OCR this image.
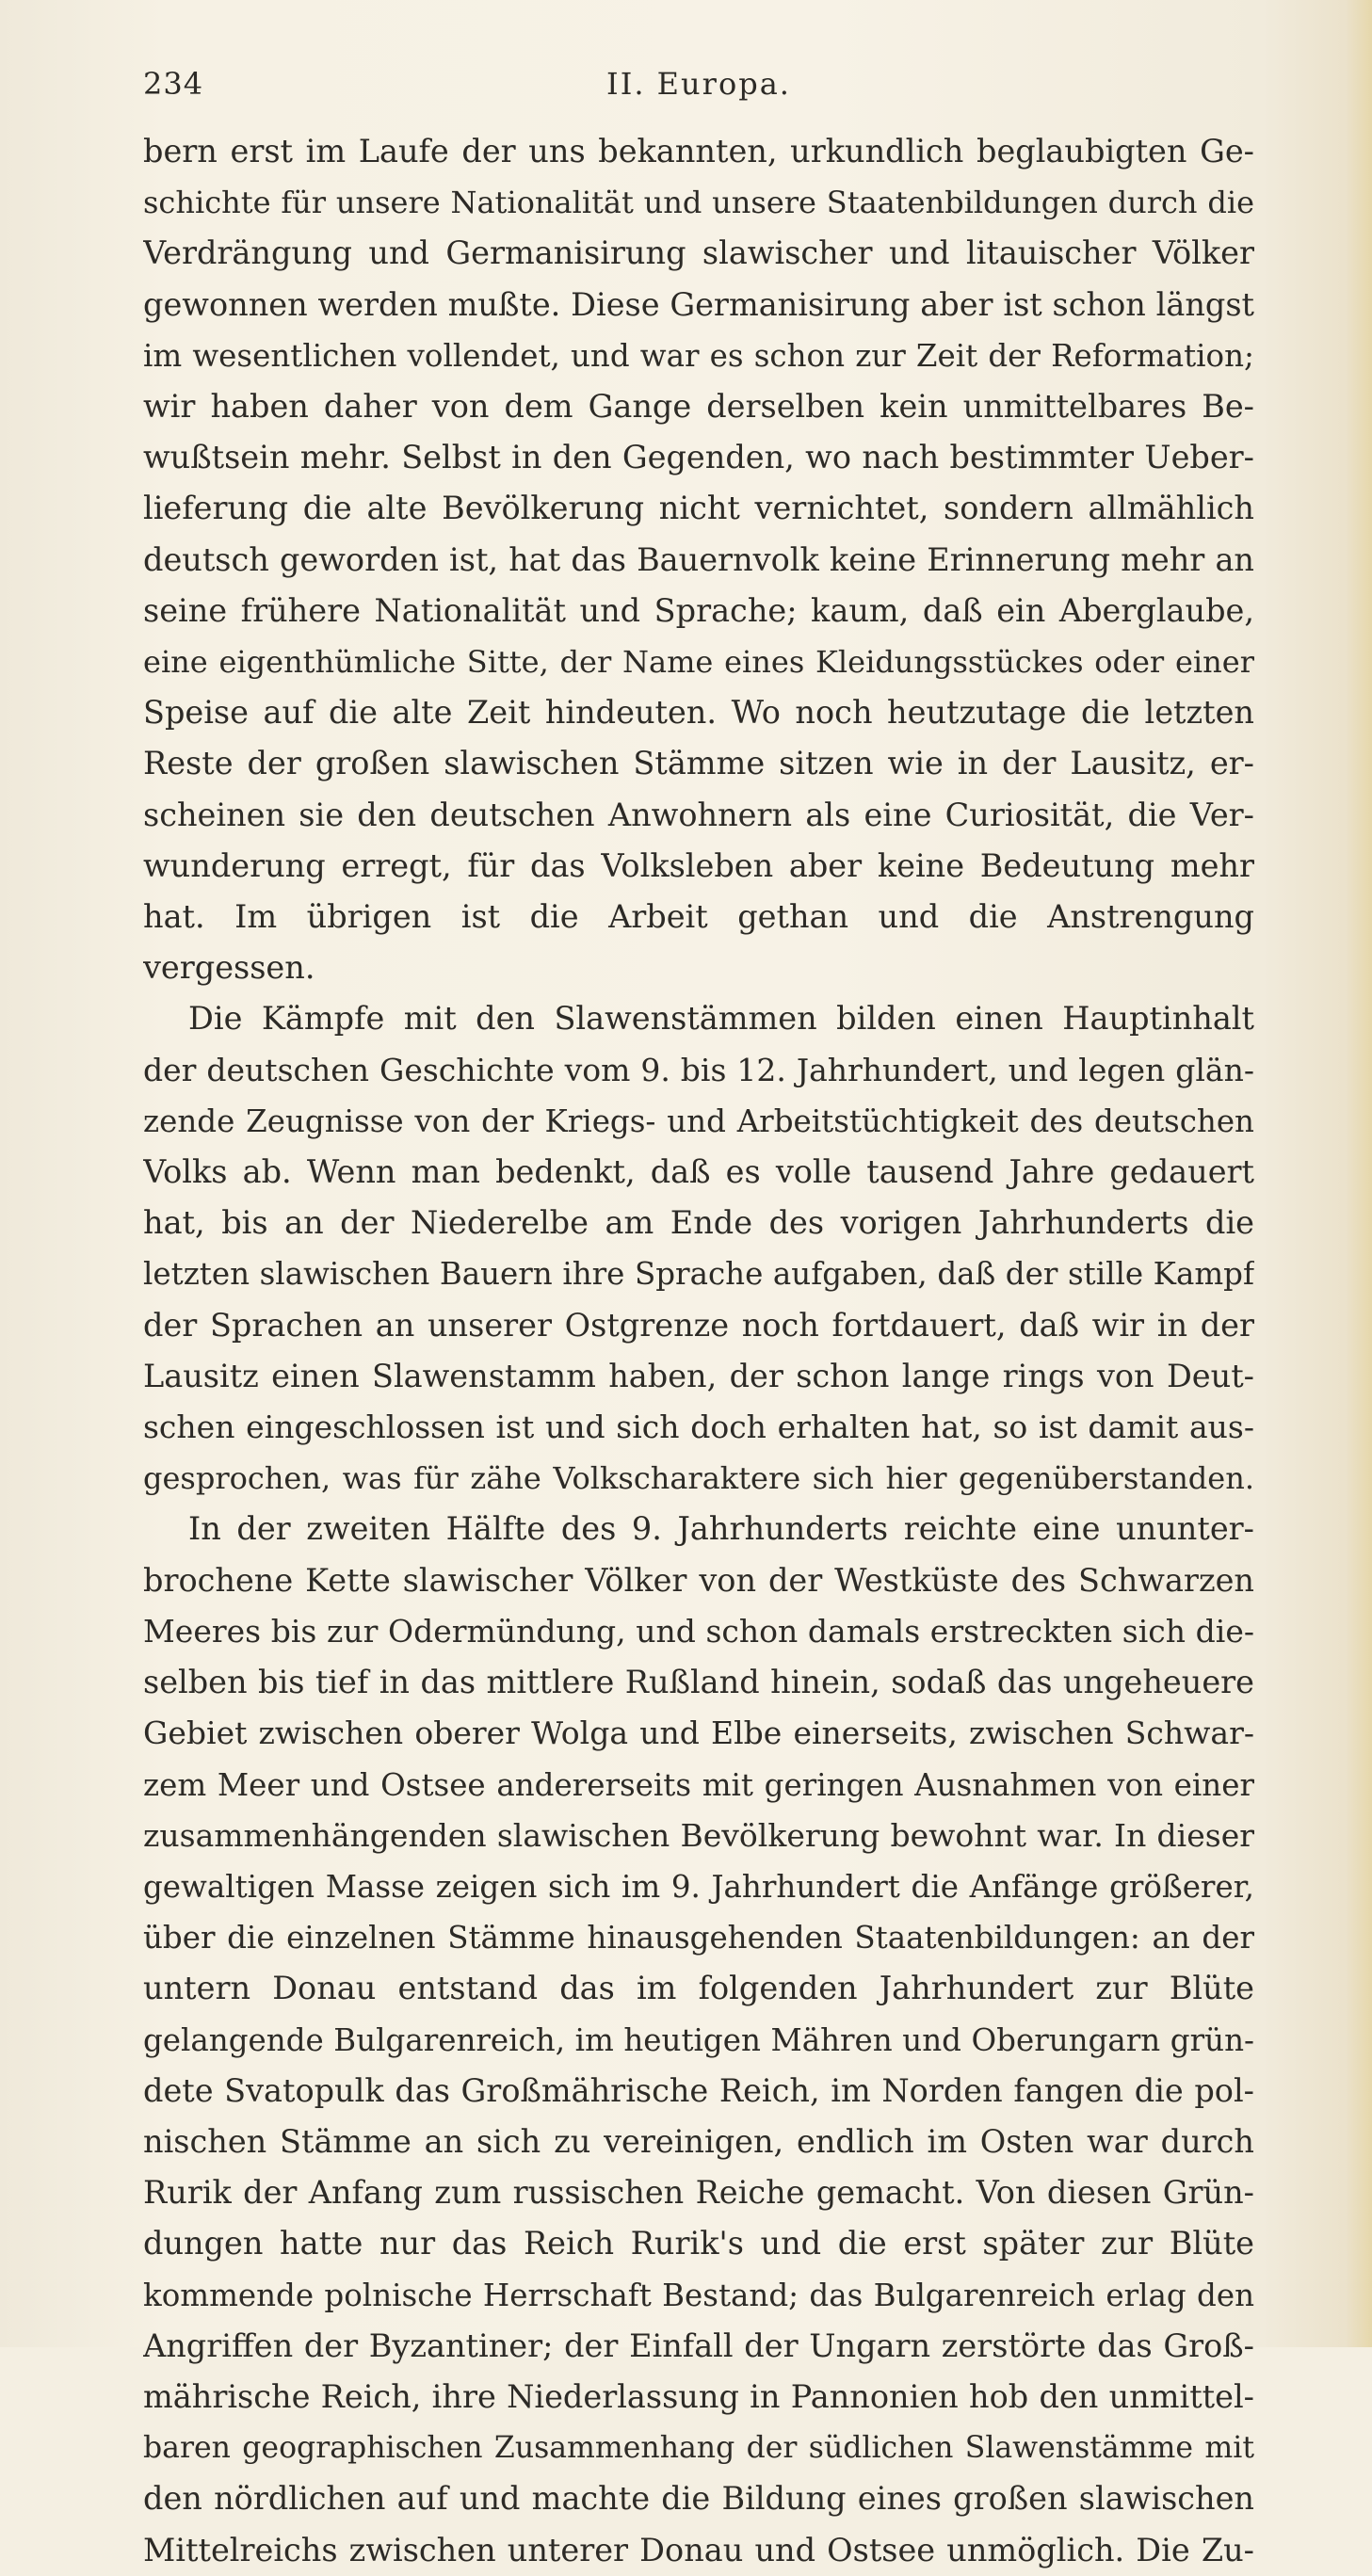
234	II. Europa.
bern erst im Laufe der uns bekannten, urkundlich beglaubigten Ge-
schichte für unsere Nationalität und unsere Staatenbildungen durch die
Verdrängung und Germanisirung slawischer und litauischer Völker
gewonnen werden mußte. Diese Germanisirung aber ist schon längst
im wesentlichen vollendet, und war es schon zur Zeit der Reformation;
wir haben daher von dem Gange derselben kein unmittelbares Be-
wußtsein mehr. Selbst in den Gegenden, wo nach bestimmter Ueber-
lieferung die alte Bevölkerung nicht vernichtet, sondern allmählich
deutsch geworden ist, hat das Bauernvolk keine Erinnerung mehr an
seine frühere Nationalität und Sprache; kaum, daß ein Aberglaube,
eine eigenthümliche Sitte, der Name eines Kleidungsstückes oder einer
Speise auf die alte Zeit hindeuten. Wo noch heutzutage die letzten
Reste der großen slawischen Stämme sitzen wie in der Lausitz, er-
scheinen sie den deutschen Anwohnern als eine Curiosität, die Ver-
wunderung erregt, für das Volksleben aber keine Bedeutung mehr
hat. Im übrigen ist die Arbeit gethan und die Anstrengung
vergessen.
Die Kämpfe mit den Slawenstämmen bilden einen Hauptinhalt
der deutschen Geschichte vom 9. bis 12. Jahrhundert, und legen glän-
zende Zeugnisse von der Kriegs- und Arbeitstüchtigkeit des deutschen
Volks ab. Wenn man bedenkt, daß es volle tausend Jahre gedauert
hat, bis an der Niederelbe am Ende des vorigen Jahrhunderts die
letzten slawischen Bauern ihre Sprache aufgaben, daß der stille Kampf
der Sprachen an unserer Ostgrenze noch fortdauert, daß wir in der
Lausitz einen Slawenstamm haben, der schon lange rings von Deut-
schen eingeschlossen ist und sich doch erhalten hat, so ist damit aus-
gesprochen, was für zähe Volkscharaktere sich hier gegenüberstanden.
In der zweiten Hälfte des 9. Jahrhunderts reichte eine ununter-
brochene Kette slawischer Völker von der Westküste des Schwarzen
Meeres bis zur Odermündung, und schon damals erstreckten sich die-
selben bis tief in das mittlere Rußland hinein, sodaß das ungeheuere
Gebiet zwischen oberer Wolga und Elbe einerseits, zwischen Schwar-
zem Meer und Ostsee andererseits mit geringen Ausnahmen von einer
zusammenhängenden slawischen Bevölkerung bewohnt war. In dieser
gewaltigen Masse zeigen sich im 9. Jahrhundert die Anfänge größerer,
über die einzelnen Stämme hinausgehenden Staatenbildungen: an der
untern Donau entstand das im folgenden Jahrhundert zur Blüte
gelangende Bulgarenreich, im heutigen Mähren und Oberungarn grün-
dete Svatopulk das Großmährische Reich, im Norden fangen die pol-
nischen Stämme an sich zu vereinigen, endlich im Osten war durch
Rurik der Anfang zum russischen Reiche gemacht. Von diesen Grün-
dungen hatte nur das Reich Rurik's und die erst später zur Blüte
kommende polnische Herrschaft Bestand; das Bulgarenreich erlag den
Angriffen der Byzantiner; der Einfall der Ungarn zerstörte das Groß-
mährische Reich, ihre Niederlassung in Pannonien hob den unmittel-
baren geographischen Zusammenhang der südlichen Slawenstämme mit
den nördlichen auf und machte die Bildung eines großen slawischen
Mittelreichs zwischen unterer Donau und Ostsee unmöglich. Die Zu-
